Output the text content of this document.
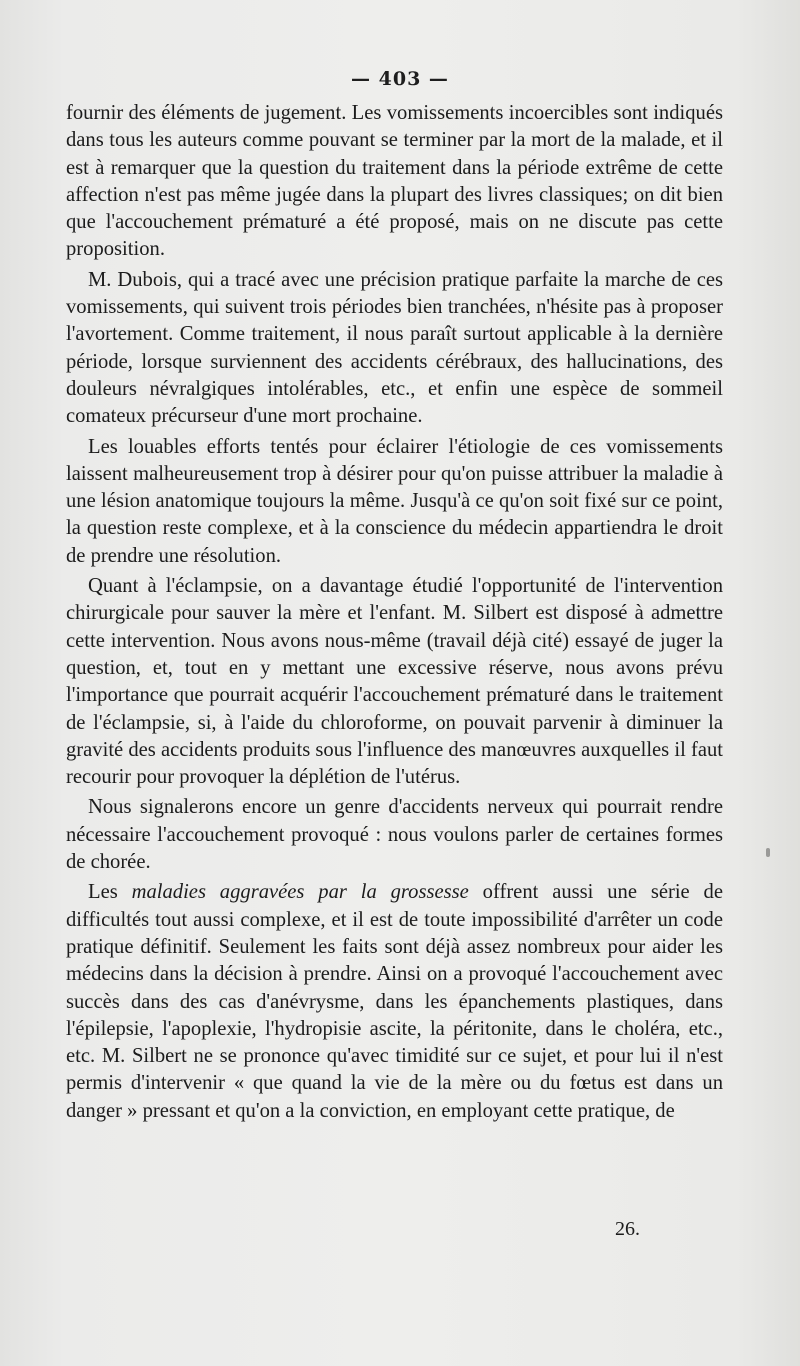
— 403 —

fournir des éléments de jugement. Les vomissements incoercibles sont indiqués dans tous les auteurs comme pouvant se terminer par la mort de la malade, et il est à remarquer que la question du traitement dans la période extrême de cette affection n'est pas même jugée dans la plupart des livres classiques; on dit bien que l'accouchement prématuré a été proposé, mais on ne discute pas cette proposition.

M. Dubois, qui a tracé avec une précision pratique parfaite la marche de ces vomissements, qui suivent trois périodes bien tranchées, n'hésite pas à proposer l'avortement. Comme traitement, il nous paraît surtout applicable à la dernière période, lorsque surviennent des accidents cérébraux, des hallucinations, des douleurs névralgiques intolérables, etc., et enfin une espèce de sommeil comateux précurseur d'une mort prochaine.

Les louables efforts tentés pour éclairer l'étiologie de ces vomissements laissent malheureusement trop à désirer pour qu'on puisse attribuer la maladie à une lésion anatomique toujours la même. Jusqu'à ce qu'on soit fixé sur ce point, la question reste complexe, et à la conscience du médecin appartiendra le droit de prendre une résolution.

Quant à l'éclampsie, on a davantage étudié l'opportunité de l'intervention chirurgicale pour sauver la mère et l'enfant. M. Silbert est disposé à admettre cette intervention. Nous avons nous-même (travail déjà cité) essayé de juger la question, et, tout en y mettant une excessive réserve, nous avons prévu l'importance que pourrait acquérir l'accouchement prématuré dans le traitement de l'éclampsie, si, à l'aide du chloroforme, on pouvait parvenir à diminuer la gravité des accidents produits sous l'influence des manœuvres auxquelles il faut recourir pour provoquer la déplétion de l'utérus.

Nous signalerons encore un genre d'accidents nerveux qui pourrait rendre nécessaire l'accouchement provoqué : nous voulons parler de certaines formes de chorée.

Les maladies aggravées par la grossesse offrent aussi une série de difficultés tout aussi complexe, et il est de toute impossibilité d'arrêter un code pratique définitif. Seulement les faits sont déjà assez nombreux pour aider les médecins dans la décision à prendre. Ainsi on a provoqué l'accouchement avec succès dans des cas d'anévrysme, dans les épanchements plastiques, dans l'épilepsie, l'apoplexie, l'hydropisie ascite, la péritonite, dans le choléra, etc., etc. M. Silbert ne se prononce qu'avec timidité sur ce sujet, et pour lui il n'est permis d'intervenir « que quand la vie de la mère ou du fœtus est dans un danger » pressant et qu'on a la conviction, en employant cette pratique, de

26.
